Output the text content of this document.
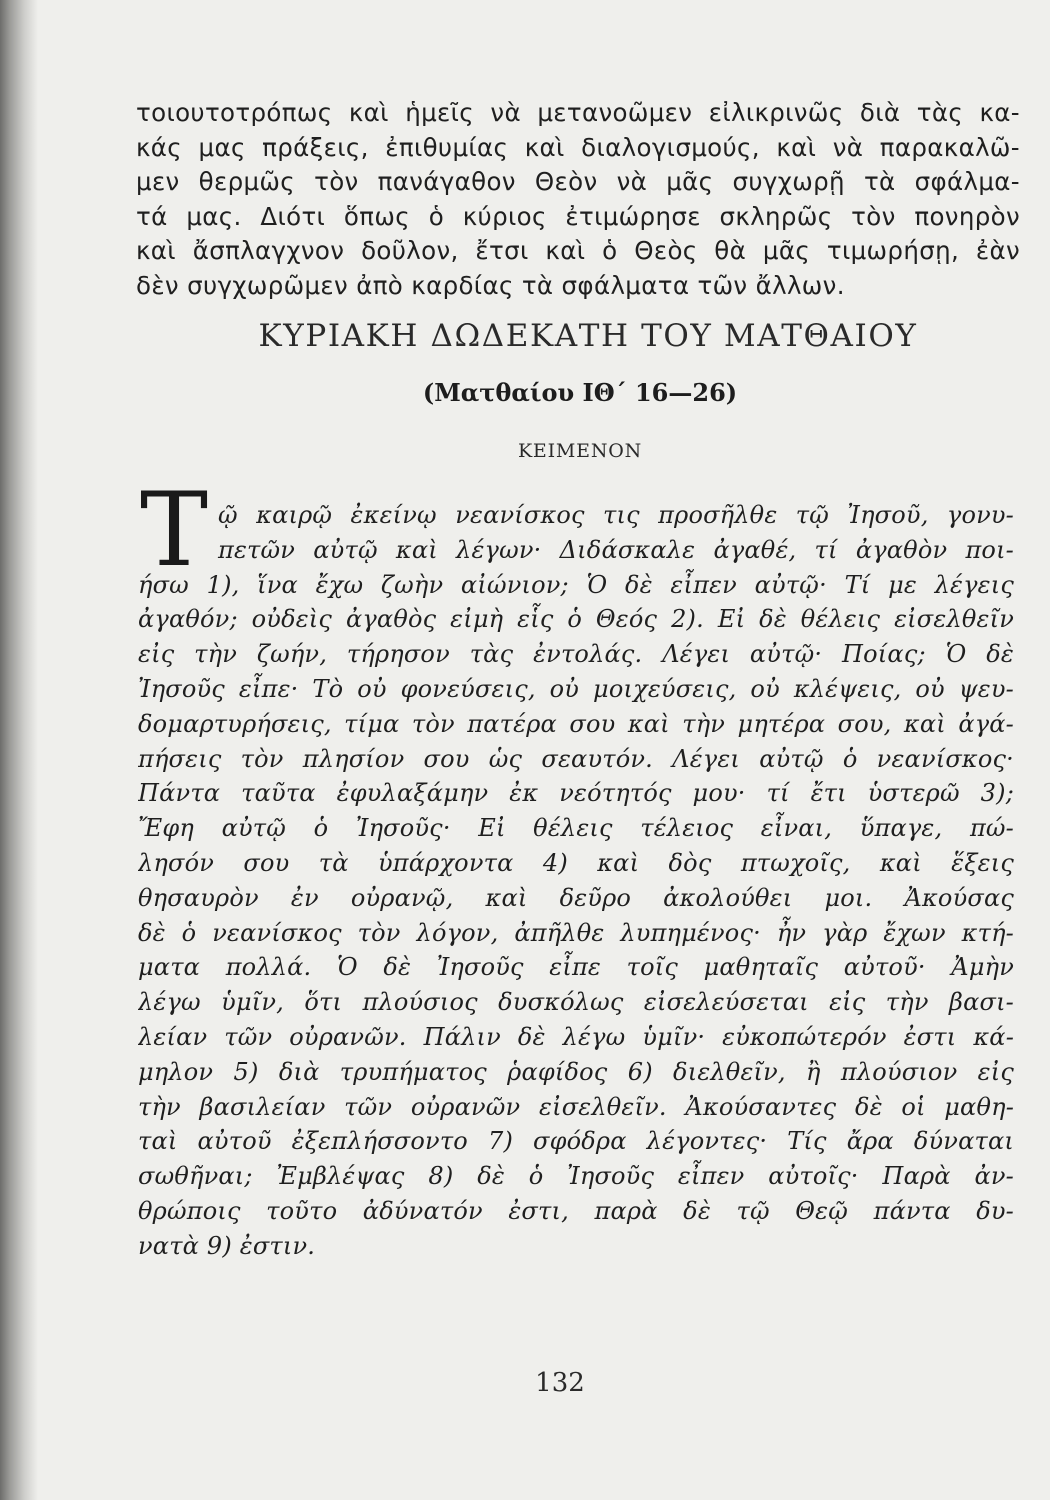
τοιουτοτρόπως καὶ ἡμεῖς νὰ μετανοῶμεν εἰλικρινῶς διὰ τὰς κα-
κάς μας πράξεις, ἐπιθυμίας καὶ διαλογισμούς, καὶ νὰ παρακαλῶ-
μεν θερμῶς τὸν πανάγαθον Θεὸν νὰ μᾶς συγχωρῇ τὰ σφάλμα-
τά μας. Διότι ὅπως ὁ κύριος ἐτιμώρησε σκληρῶς τὸν πονηρὸν
καὶ ἄσπλαγχνον δοῦλον, ἔτσι καὶ ὁ Θεὸς θὰ μᾶς τιμωρήσῃ, ἐὰν
δὲν συγχωρῶμεν ἀπὸ καρδίας τὰ σφάλματα τῶν ἄλλων.
ΚΥΡΙΑΚΗ ΔΩΔΕΚΑΤΗ ΤΟΥ ΜΑΤΘΑΙΟΥ
(Ματθαίου ΙΘ΄ 16—26)
ΚΕΙΜΕΝΟΝ
Τ ῷ καιρῷ ἐκείνῳ νεανίσκος τις προσῆλθε τῷ Ἰησοῦ, γονυ-
πετῶν αὐτῷ καὶ λέγων· Διδάσκαλε ἀγαθέ, τί ἀγαθὸν ποι-
ήσω 1), ἵνα ἔχω ζωὴν αἰώνιον; Ὁ δὲ εἶπεν αὐτῷ· Τί με λέγεις
ἀγαθόν; οὐδεὶς ἀγαθὸς εἰμὴ εἷς ὁ Θεός 2). Εἰ δὲ θέλεις εἰσελθεῖν
εἰς τὴν ζωήν, τήρησον τὰς ἐντολάς. Λέγει αὐτῷ· Ποίας; Ὁ δὲ
Ἰησοῦς εἶπε· Τὸ οὐ φονεύσεις, οὐ μοιχεύσεις, οὐ κλέψεις, οὐ ψευ-
δομαρτυρήσεις, τίμα τὸν πατέρα σου καὶ τὴν μητέρα σου, καὶ ἀγά-
πήσεις τὸν πλησίον σου ὡς σεαυτόν. Λέγει αὐτῷ ὁ νεανίσκος·
Πάντα ταῦτα ἐφυλαξάμην ἐκ νεότητός μου· τί ἔτι ὑστερῶ 3);
Ἔφη αὐτῷ ὁ Ἰησοῦς· Εἰ θέλεις τέλειος εἶναι, ὕπαγε, πώ-
λησόν σου τὰ ὑπάρχοντα 4) καὶ δὸς πτωχοῖς, καὶ ἕξεις
θησαυρὸν ἐν οὐρανῷ, καὶ δεῦρο ἀκολούθει μοι. Ἀκούσας
δὲ ὁ νεανίσκος τὸν λόγον, ἀπῆλθε λυπημένος· ἦν γὰρ ἔχων κτή-
ματα πολλά. Ὁ δὲ Ἰησοῦς εἶπε τοῖς μαθηταῖς αὐτοῦ· Ἀμὴν
λέγω ὑμῖν, ὅτι πλούσιος δυσκόλως εἰσελεύσεται εἰς τὴν βασι-
λείαν τῶν οὐρανῶν. Πάλιν δὲ λέγω ὑμῖν· εὐκοπώτερόν ἐστι κά-
μηλον 5) διὰ τρυπήματος ῥαφίδος 6) διελθεῖν, ἢ πλούσιον εἰς
τὴν βασιλείαν τῶν οὐρανῶν εἰσελθεῖν. Ἀκούσαντες δὲ οἱ μαθη-
ταὶ αὐτοῦ ἐξεπλήσσοντο 7) σφόδρα λέγοντες· Τίς ἄρα δύναται
σωθῆναι; Ἐμβλέψας 8) δὲ ὁ Ἰησοῦς εἶπεν αὐτοῖς· Παρὰ ἀν-
θρώποις τοῦτο ἀδύνατόν ἐστι, παρὰ δὲ τῷ Θεῷ πάντα δυ-
νατὰ 9) ἐστιν.
132
